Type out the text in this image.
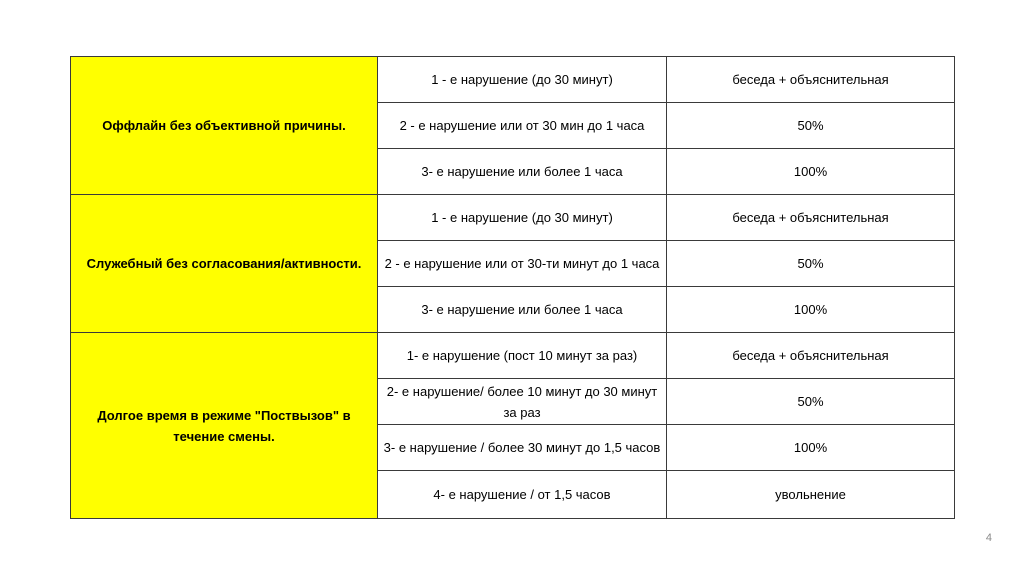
Оффлайн без объективной причины.	1 - е нарушение (до 30 минут)	беседа + объяснительная
	2 - е нарушение или от 30 мин до 1 часа	50%
	3- е нарушение или более 1 часа	100%
Служебный без согласования/активности.	1 - е нарушение (до 30 минут)	беседа + объяснительная
	2 - е нарушение или от 30-ти минут до 1 часа	50%
	3- е нарушение или более 1 часа	100%
Долгое время в режиме "Поствызов" в течение смены.	1- е нарушение (пост 10 минут за раз)	беседа + объяснительная
	2- е нарушение/ более 10 минут до 30 минут за раз	50%
	3- е нарушение / более 30 минут до 1,5 часов	100%
	4- е нарушение / от 1,5 часов	увольнение
4
